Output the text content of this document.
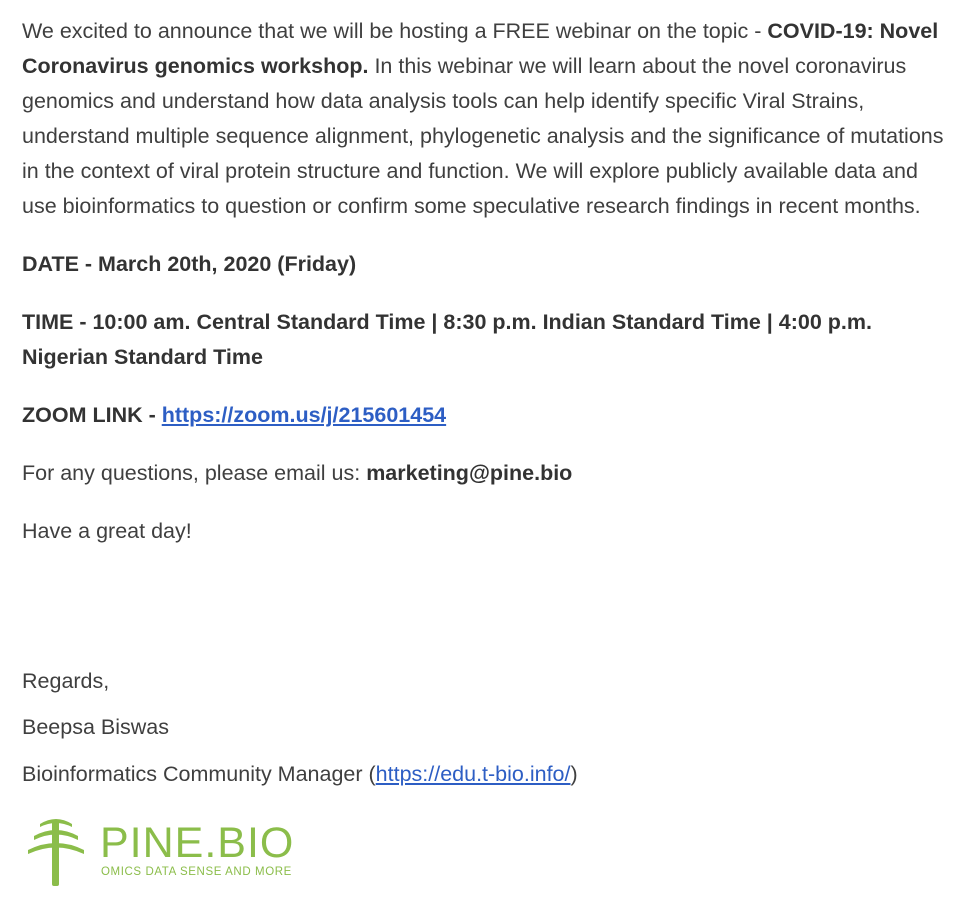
We excited to announce that we will be hosting a FREE webinar on the topic - COVID-19: Novel Coronavirus genomics workshop. In this webinar we will learn about the novel coronavirus genomics and understand how data analysis tools can help identify specific Viral Strains, understand multiple sequence alignment, phylogenetic analysis and the significance of mutations in the context of viral protein structure and function. We will explore publicly available data and use bioinformatics to question or confirm some speculative research findings in recent months.

DATE - March 20th, 2020 (Friday)

TIME - 10:00 am. Central Standard Time | 8:30 p.m. Indian Standard Time | 4:00 p.m. Nigerian Standard Time

ZOOM LINK - https://zoom.us/j/215601454

For any questions, please email us: marketing@pine.bio

Have a great day!

Regards,
Beepsa Biswas
Bioinformatics Community Manager (https://edu.t-bio.info/)
PINE.BIO
OMICS DATA SENSE AND MORE
